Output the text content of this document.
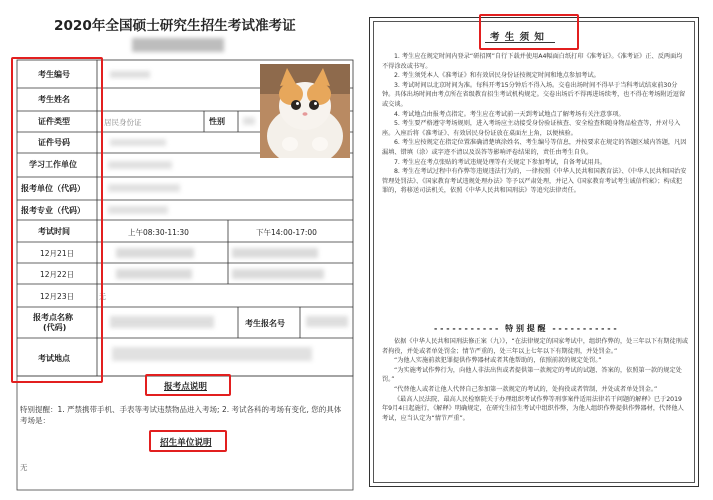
2020年全国硕士研究生招生考试准考证
考生编号
考生姓名
证件类型	居民身份证	性别
证件号码
学习工作单位
报考单位（代码）
报考专业（代码）
考试时间	上午08:30-11:30	下午14:00-17:00
12月21日
12月22日
12月23日	无
报考点名称
(代码)	考生报名号
考试地点
报考点说明
特别提醒：1. 严禁携带手机、手表等考试违禁物品进入考场; 2. 考试各科的考场有变化, 您的具体考场是：
招生单位说明
无
考 生 须 知
1. 考生应在规定时间内登录“研招网”自行下载并使用A4幅面白纸打印《准考证》。《准考证》正、反两面均不得涂改或书写。
2. 考生须凭本人《准考证》和有效居民身份证按规定时间和地点参加考试。
3. 考试时间以北京时间为准。每科开考15分钟后不得入场。交卷出场时间不得早于当科考试结束前30分钟。具体出场时间由考点所在省级教育招生考试机构规定。交卷出场后不得再进场续考，也不得在考场附近逗留或交谈。
4. 考试地点由报考点指定。考生应在考试前一天到考试地点了解考场有关注意事项。
5. 考生要严格遵守考场规则，进入考场应主动接受身份验证核查、安全检查和随身物品检查等，并对号入座。入座后将《准考证》、有效居民身份证放在桌面左上角，以便核验。
6. 考生应按规定在指定位置准确清楚填涂姓名、考生编号等信息，并按要求在规定的答题区域内答题，凡因漏填、错填（涂）或字迹不清以及误答等影响评卷结果的，责任由考生自负。
7. 考生应在考点张贴的考试违规处理等有关规定下参加考试，自备考试用具。
8. 考生在考试过程中有作弊等违规违法行为的，一律按照《中华人民共和国教育法》、《中华人民共和国治安管理处罚法》、《国家教育考试违规处理办法》等予以严肃处理，并记入《国家教育考试考生诚信档案》；构成犯罪的，将移送司法机关，依照《中华人民共和国刑法》等追究法律责任。
- - - - - - - - - - - 特 别 提 醒 - - - - - - - - - - -
依据《中华人民共和国刑法修正案（九）》，“在法律规定的国家考试中，组织作弊的，处三年以下有期徒刑或者拘役，并处或者单处罚金；情节严重的，处三年以上七年以下有期徒刑，并处罚金。”
“为他人实施前款犯罪提供作弊器材或者其他帮助的，依照前款的规定处罚。”
“为实施考试作弊行为，向他人非法出售或者提供第一款规定的考试的试题、答案的，依照第一款的规定处罚。”
“代替他人或者让他人代替自己参加第一款规定的考试的，处拘役或者管制，并处或者单处罚金。”
《最高人民法院、最高人民检察院关于办理组织考试作弊等刑事案件适用法律若干问题的解释》已于2019年9月4日起施行，《解释》明确规定，在研究生招生考试中组织作弊，为他人组织作弊提供作弊器材，代替他人考试，应当认定为“情节严重”。
